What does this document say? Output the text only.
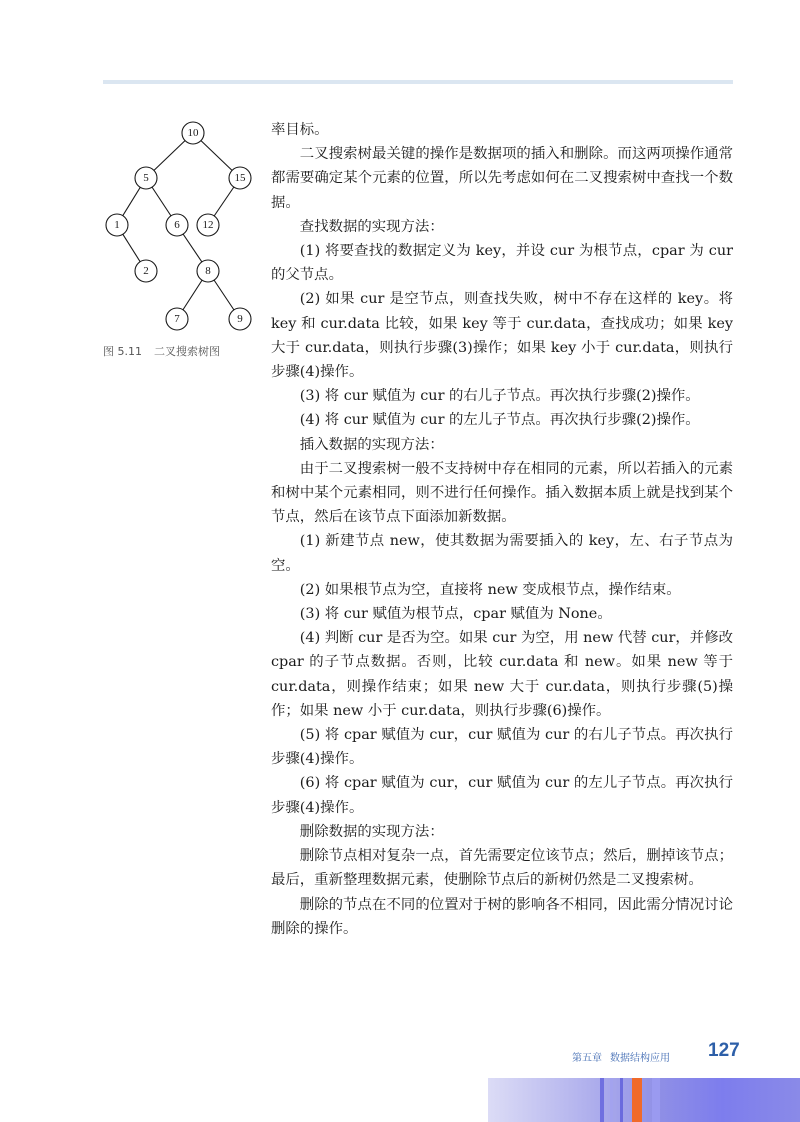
10
5	15
1	6 12
2	8
7	9
图 5.11 二叉搜索树图

率目标。

二叉搜索树最关键的操作是数据项的插入和删除。而这两项操作通常都需要确定某个元素的位置，所以先考虑如何在二叉搜索树中查找一个数据。

查找数据的实现方法：

(1) 将要查找的数据定义为 key，并设 cur 为根节点，cpar 为 cur 的父节点。

(2) 如果 cur 是空节点，则查找失败，树中不存在这样的 key。将 key 和 cur.data 比较，如果 key 等于 cur.data，查找成功；如果 key 大于 cur.data，则执行步骤(3)操作；如果 key 小于 cur.data，则执行步骤(4)操作。

(3) 将 cur 赋值为 cur 的右儿子节点。再次执行步骤(2)操作。

(4) 将 cur 赋值为 cur 的左儿子节点。再次执行步骤(2)操作。

插入数据的实现方法：

由于二叉搜索树一般不支持树中存在相同的元素，所以若插入的元素和树中某个元素相同，则不进行任何操作。插入数据本质上就是找到某个节点，然后在该节点下面添加新数据。

(1) 新建节点 new，使其数据为需要插入的 key，左、右子节点为空。

(2) 如果根节点为空，直接将 new 变成根节点，操作结束。

(3) 将 cur 赋值为根节点，cpar 赋值为 None。

(4) 判断 cur 是否为空。如果 cur 为空，用 new 代替 cur，并修改 cpar 的子节点数据。否则，比较 cur.data 和 new。如果 new 等于 cur.data，则操作结束；如果 new 大于 cur.data，则执行步骤(5)操作；如果 new 小于 cur.data，则执行步骤(6)操作。

(5) 将 cpar 赋值为 cur，cur 赋值为 cur 的右儿子节点。再次执行步骤(4)操作。

(6) 将 cpar 赋值为 cur，cur 赋值为 cur 的左儿子节点。再次执行步骤(4)操作。

删除数据的实现方法：

删除节点相对复杂一点，首先需要定位该节点；然后，删掉该节点；最后，重新整理数据元素，使删除节点后的新树仍然是二叉搜索树。

删除的节点在不同的位置对于树的影响各不相同，因此需分情况讨论删除的操作。

第五章 数据结构应用 127
